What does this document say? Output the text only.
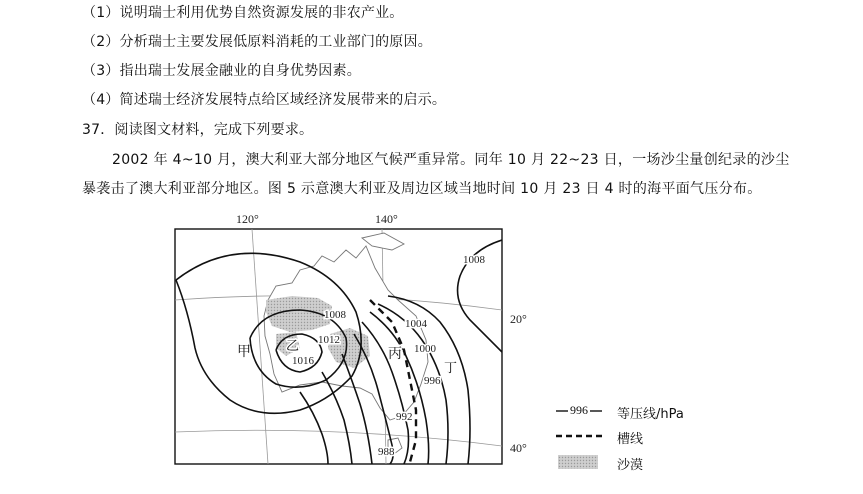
（1）说明瑞士利用优势自然资源发展的非农产业。
（2）分析瑞士主要发展低原料消耗的工业部门的原因。
（3）指出瑞士发展金融业的自身优势因素。
（4）简述瑞士经济发展特点给区域经济发展带来的启示。
37．阅读图文材料，完成下列要求。
2002 年 4~10 月，澳大利亚大部分地区气候严重异常。同年 10 月 22~23 日，一场沙尘量创纪录的沙尘
暴袭击了澳大利亚部分地区。图 5 示意澳大利亚及周边区域当地时间 10 月 23 日 4 时的海平面气压分布。
120°	140°
20°
40°
1008
1008
1012
1016
1004
1000
996
992
988
甲	乙	丙
丁
996 等压线/hPa
槽线
沙漠
